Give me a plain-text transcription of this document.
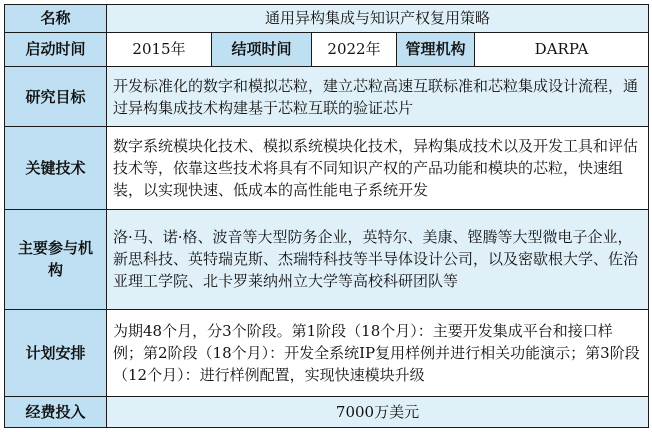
名称	通用异构集成与知识产权复用策略				
启动时间	2015年	结项时间	2022年	管理机构	DARPA
研究目标	开发标准化的数字和模拟芯粒，建立芯粒高速互联标准和芯粒集成设计流程，通过异构集成技术构建基于芯粒互联的验证芯片				
关键技术	数字系统模块化技术、模拟系统模块化技术，异构集成技术以及开发工具和评估技术等，依靠这些技术将具有不同知识产权的产品功能和模块的芯粒，快速组装，以实现快速、低成本的高性能电子系统开发				
主要参与机构	洛·马、诺·格、波音等大型防务企业，英特尔、美康、铿腾等大型微电子企业，新思科技、英特瑞克斯、杰瑞特科技等半导体设计公司，以及密歇根大学、佐治亚理工学院、北卡罗莱纳州立大学等高校科研团队等				
计划安排	为期48个月，分3个阶段。第1阶段（18个月）：主要开发集成平台和接口样例；第2阶段（18个月）：开发全系统IP复用样例并进行相关功能演示；第3阶段（12个月）：进行样例配置，实现快速模块升级				
经费投入	7000万美元				
